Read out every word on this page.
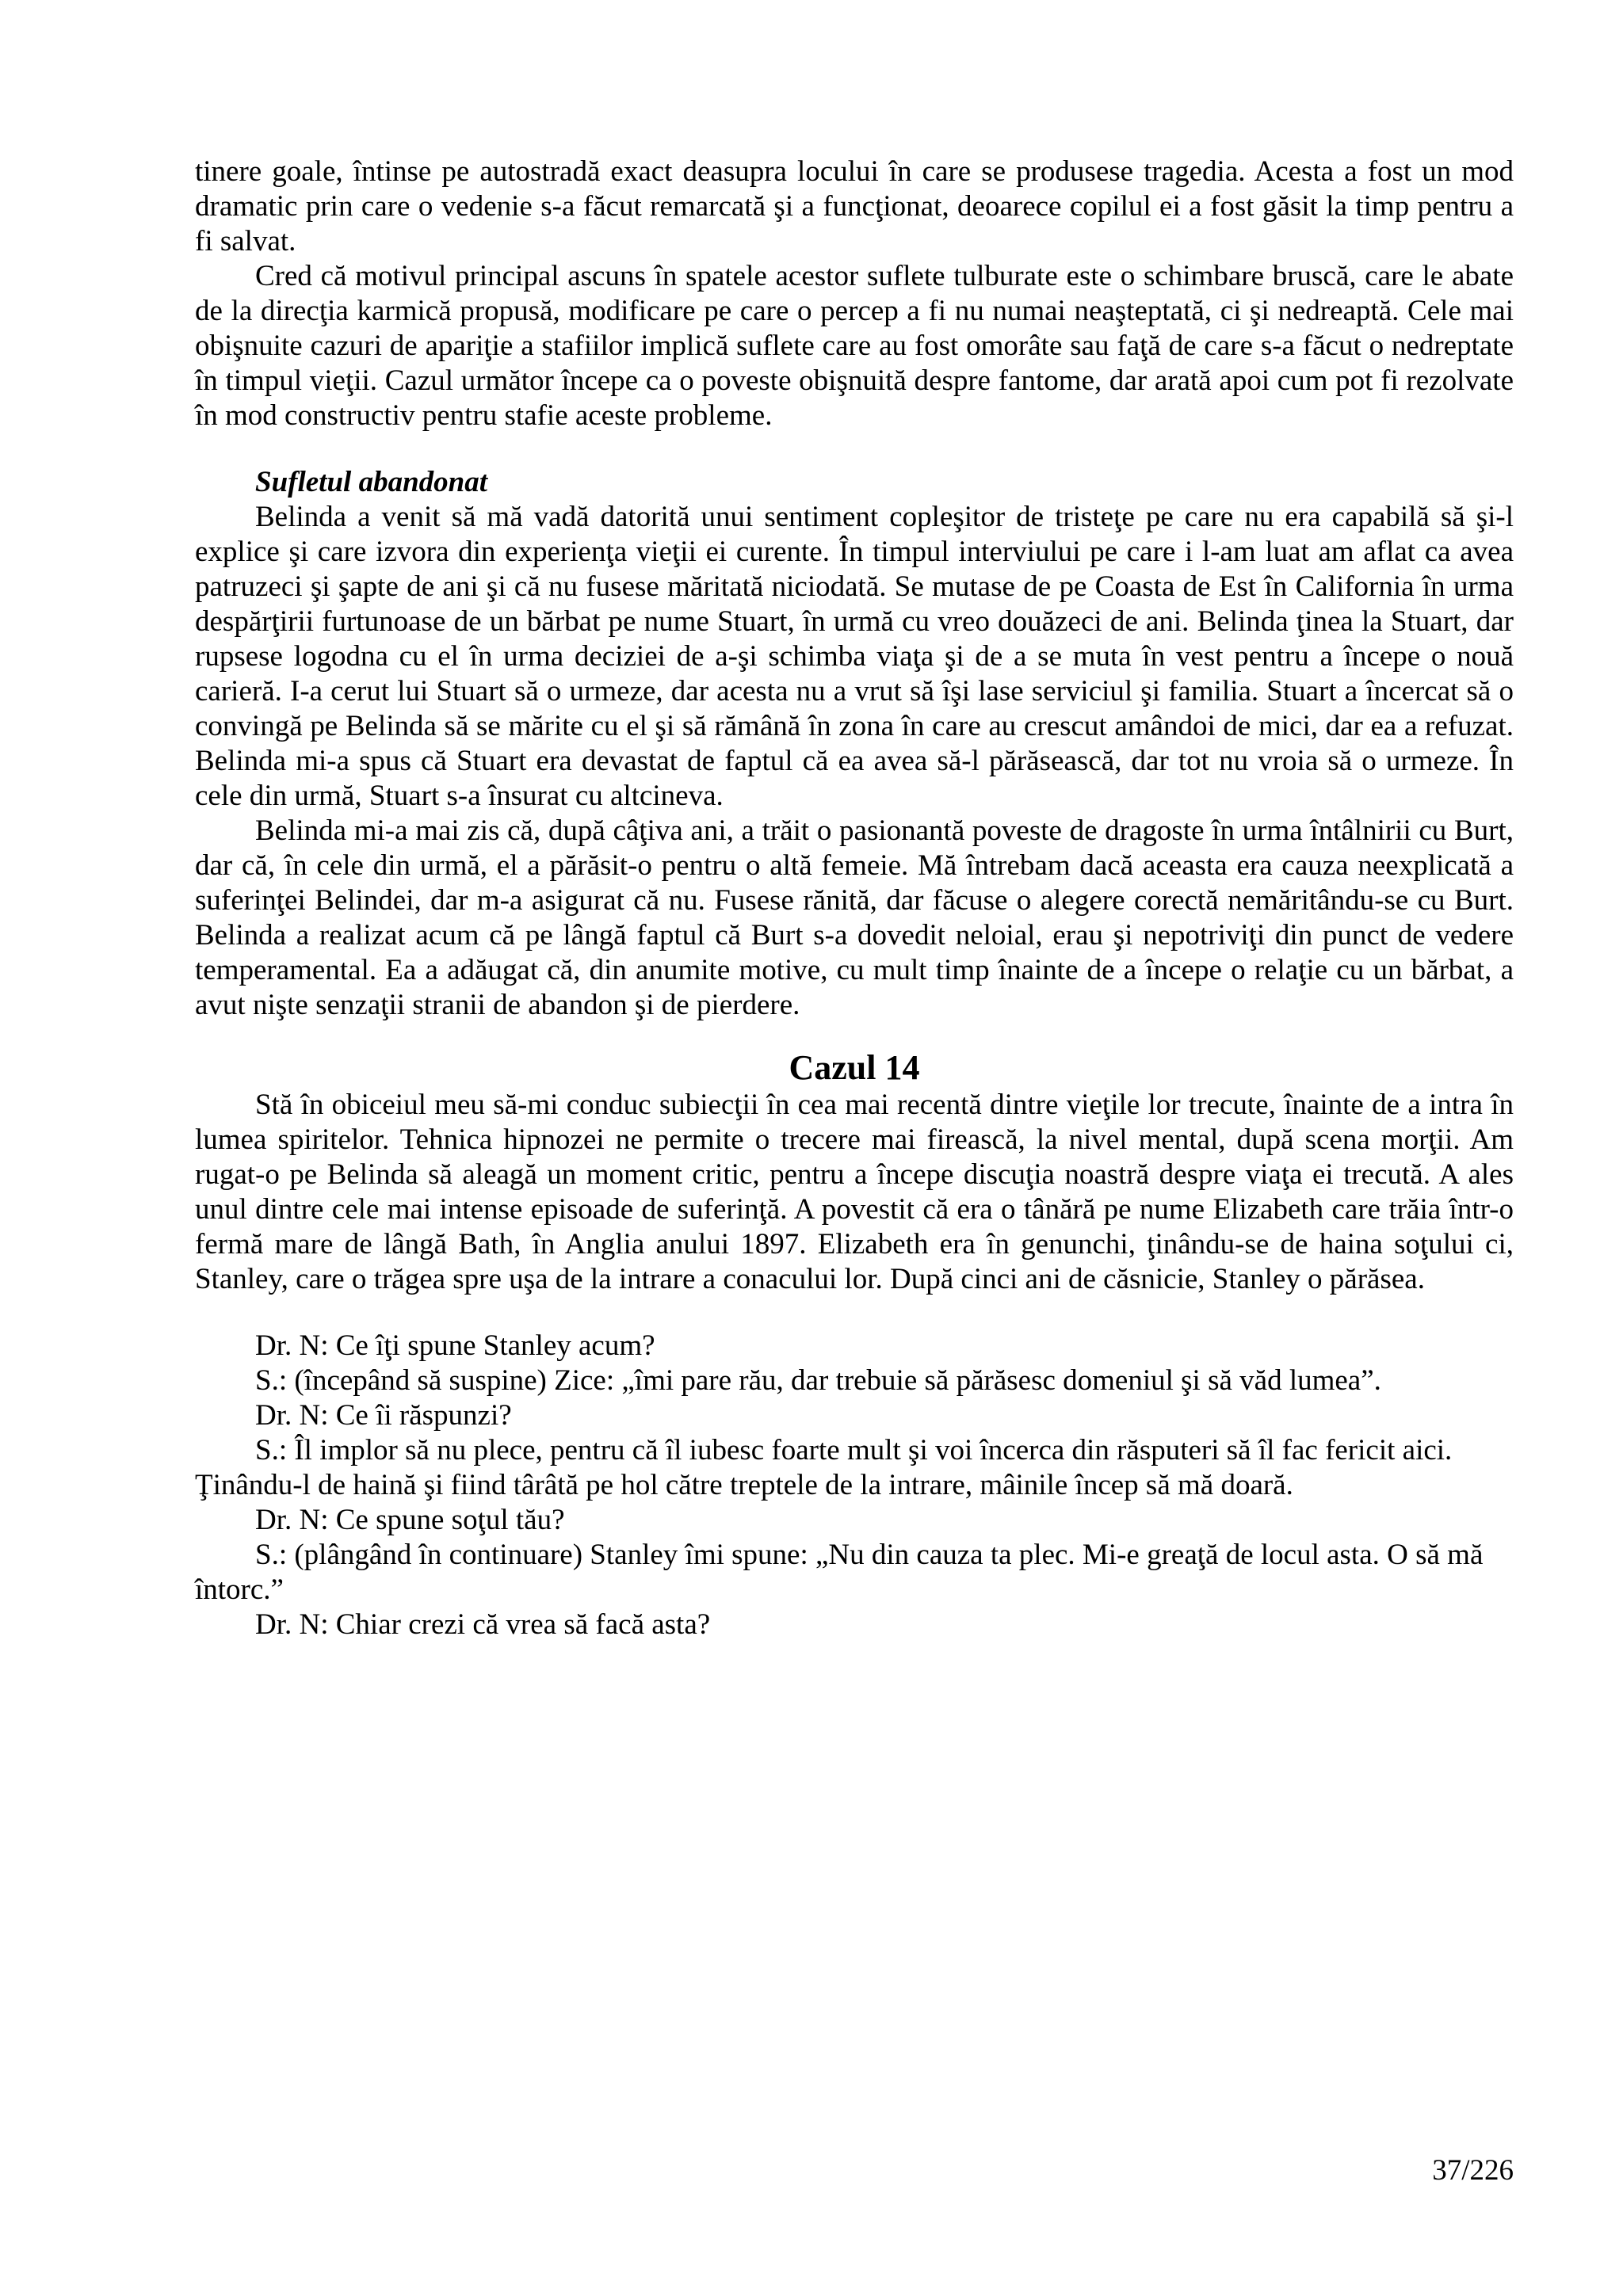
tinere goale, întinse pe autostradă exact deasupra locului în care se produsese tragedia. Acesta a fost un mod dramatic prin care o vedenie s-a făcut remarcată şi a funcţionat, deoarece copilul ei a fost găsit la timp pentru a fi salvat.

Cred că motivul principal ascuns în spatele acestor suflete tulburate este o schimbare bruscă, care le abate de la direcţia karmică propusă, modificare pe care o percep a fi nu numai neaşteptată, ci şi nedreaptă. Cele mai obişnuite cazuri de apariţie a stafiilor implică suflete care au fost omorâte sau faţă de care s-a făcut o nedreptate în timpul vieţii. Cazul următor începe ca o poveste obişnuită despre fantome, dar arată apoi cum pot fi rezolvate în mod constructiv pentru stafie aceste probleme.

Sufletul abandonat

Belinda a venit să mă vadă datorită unui sentiment copleşitor de tristeţe pe care nu era capabilă să şi-l explice şi care izvora din experienţa vieţii ei curente. În timpul interviului pe care i l-am luat am aflat ca avea patruzeci şi şapte de ani şi că nu fusese măritată niciodată. Se mutase de pe Coasta de Est în California în urma despărţirii furtunoase de un bărbat pe nume Stuart, în urmă cu vreo douăzeci de ani. Belinda ţinea la Stuart, dar rupsese logodna cu el în urma deciziei de a-şi schimba viaţa şi de a se muta în vest pentru a începe o nouă carieră. I-a cerut lui Stuart să o urmeze, dar acesta nu a vrut să îşi lase serviciul şi familia. Stuart a încercat să o convingă pe Belinda să se mărite cu el şi să rămână în zona în care au crescut amândoi de mici, dar ea a refuzat. Belinda mi-a spus că Stuart era devastat de faptul că ea avea să-l părăsească, dar tot nu vroia să o urmeze. În cele din urmă, Stuart s-a însurat cu altcineva.

Belinda mi-a mai zis că, după câţiva ani, a trăit o pasionantă poveste de dragoste în urma întâlnirii cu Burt, dar că, în cele din urmă, el a părăsit-o pentru o altă femeie. Mă întrebam dacă aceasta era cauza neexplicată a suferinţei Belindei, dar m-a asigurat că nu. Fusese rănită, dar făcuse o alegere corectă nemăritându-se cu Burt. Belinda a realizat acum că pe lângă faptul că Burt s-a dovedit neloial, erau şi nepotriviţi din punct de vedere temperamental. Ea a adăugat că, din anumite motive, cu mult timp înainte de a începe o relaţie cu un bărbat, a avut nişte senzaţii stranii de abandon şi de pierdere.

Cazul 14

Stă în obiceiul meu să-mi conduc subiecţii în cea mai recentă dintre vieţile lor trecute, înainte de a intra în lumea spiritelor. Tehnica hipnozei ne permite o trecere mai firească, la nivel mental, după scena morţii. Am rugat-o pe Belinda să aleagă un moment critic, pentru a începe discuţia noastră despre viaţa ei trecută. A ales unul dintre cele mai intense episoade de suferinţă. A povestit că era o tânără pe nume Elizabeth care trăia într-o fermă mare de lângă Bath, în Anglia anului 1897. Elizabeth era în genunchi, ţinându-se de haina soţului ci, Stanley, care o trăgea spre uşa de la intrare a conacului lor. După cinci ani de căsnicie, Stanley o părăsea.

Dr. N: Ce îţi spune Stanley acum?

S.: (începând să suspine) Zice: „îmi pare rău, dar trebuie să părăsesc domeniul şi să văd lumea”.

Dr. N: Ce îi răspunzi?

S.: Îl implor să nu plece, pentru că îl iubesc foarte mult şi voi încerca din răsputeri să îl fac fericit aici. Ţinându-l de haină şi fiind târâtă pe hol către treptele de la intrare, mâinile încep să mă doară.

Dr. N: Ce spune soţul tău?

S.: (plângând în continuare) Stanley îmi spune: „Nu din cauza ta plec. Mi-e greaţă de locul asta. O să mă întorc.”

Dr. N: Chiar crezi că vrea să facă asta?

37/226
